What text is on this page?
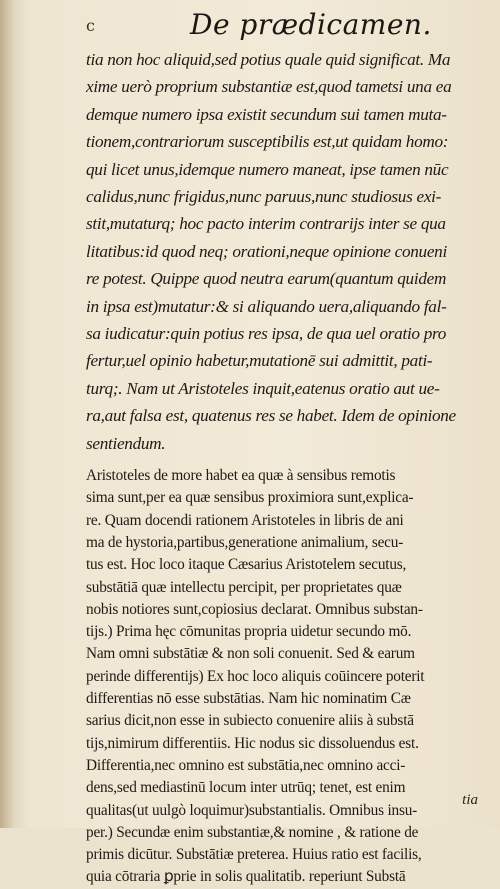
c	De prædicamen.
tia non hoc aliquid,sed potius quale quid significat. Ma
xime uerò proprium substantiæ est,quod tametsi una ea
demque numero ipsa existit secundum sui tamen muta-
tionem,contrariorum susceptibilis est,ut quidam homo:
qui licet unus,idemque numero maneat, ipse tamen nūc
calidus,nunc frigidus,nunc paruus,nunc studiosus exi-
stit,mutaturq; hoc pacto interim contrarijs inter se qua
litatibus:id quod neq; orationi,neque opinione conueni
re potest. Quippe quod neutra earum(quantum quidem
in ipsa est)mutatur:& si aliquando uera,aliquando fal-
sa iudicatur:quin potius res ipsa, de qua uel oratio pro
fertur,uel opinio habetur,mutationē sui admittit, pati-
turq;. Nam ut Aristoteles inquit,eatenus oratio aut ue-
ra,aut falsa est, quatenus res se habet. Idem de opinione
sentiendum.
Aristoteles de more habet ea quæ à sensibus remotis
sima sunt,per ea quæ sensibus proximiora sunt,explica-
re. Quam docendi rationem Aristoteles in libris de ani
ma de hystoria,partibus,generatione animalium, secu-
tus est. Hoc loco itaque Cæsarius Aristotelem secutus,
substātiā quæ intellectu percipit, per proprietates quæ
nobis notiores sunt,copiosius declarat. Omnibus substan-
tijs.) Prima hęc cōmunitas propria uidetur secundo mō.
Nam omni substātiæ & non soli conuenit. Sed & earum
perinde differentijs) Ex hoc loco aliquis coūincere poterit
differentias nō esse substātias. Nam hic nominatim Cæ
sarius dicit,non esse in subiecto conuenire aliis à substā
tijs,nimirum differentiis. Hic nodus sic dissoluendus est.
Differentia,nec omnino est substātia,nec omnino acci-
dens,sed mediastinū locum inter utrūq; tenet, est enim
qualitas(ut uulgò loquimur)substantialis. Omnibus insu-
per.) Secundæ enim substantiæ,& nomine , & ratione de
primis dicūtur. Substātiæ preterea. Huius ratio est facilis,
quia cōtraria ꝑprie in solis qualitatib. reperiunt Substā
tia
